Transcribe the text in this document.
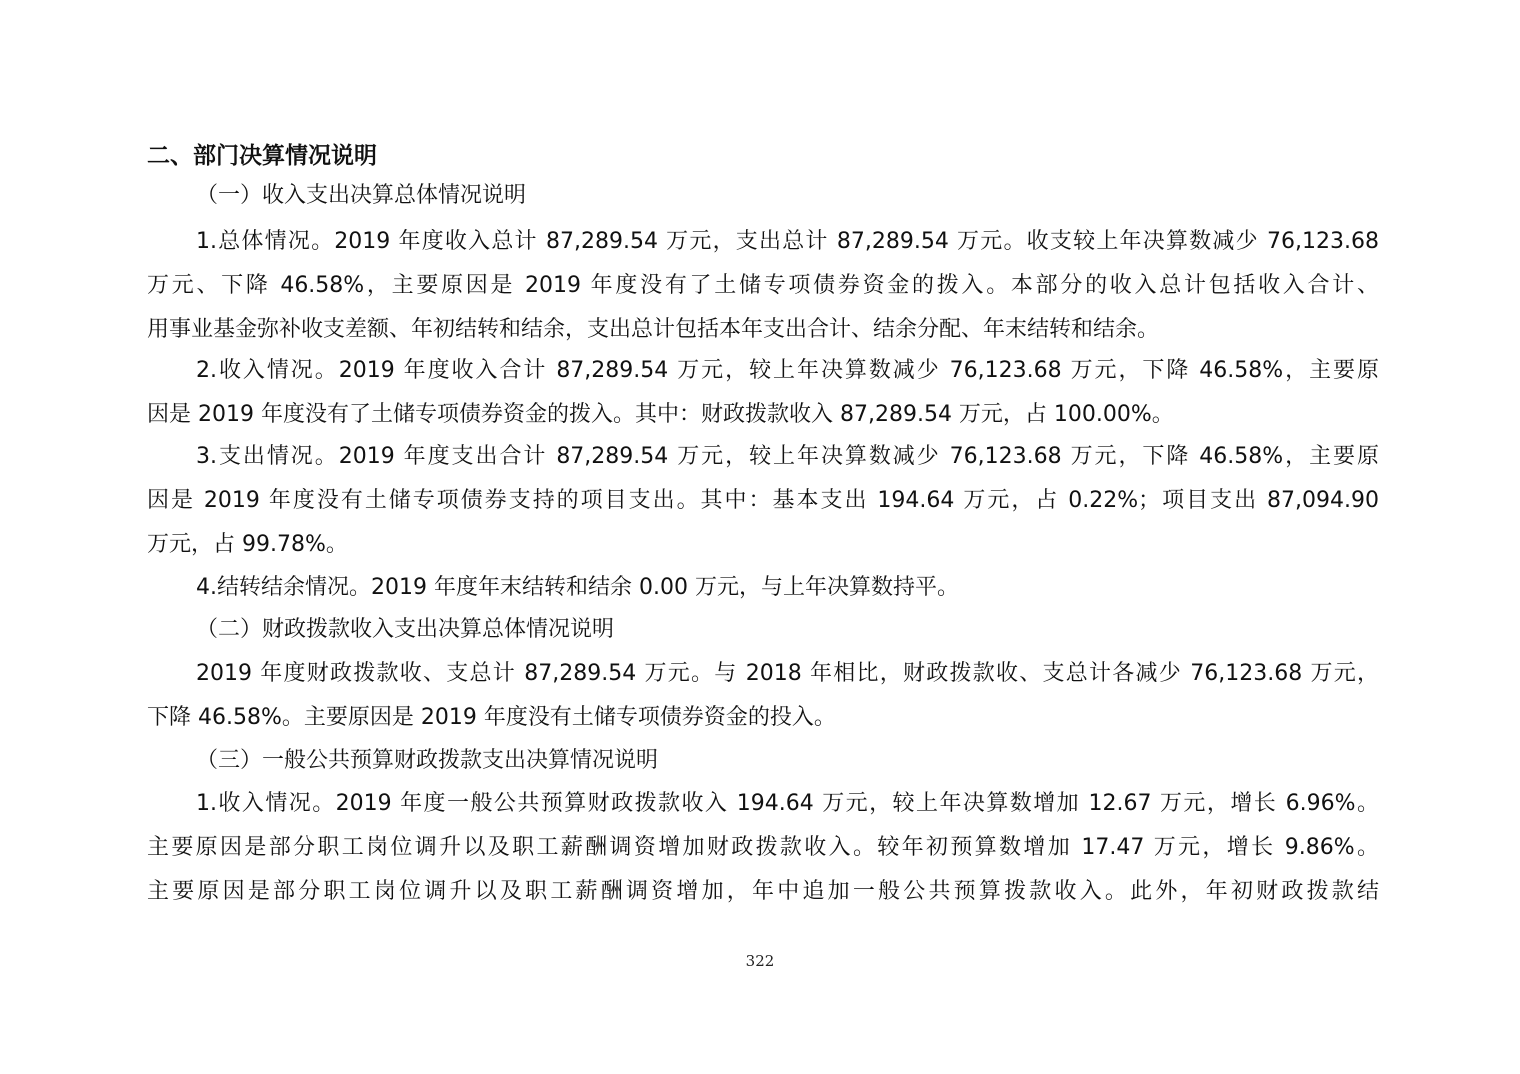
二、部门决算情况说明
（一）收入支出决算总体情况说明
1.总体情况。2019 年度收入总计 87,289.54 万元，支出总计 87,289.54 万元。收支较上年决算数减少 76,123.68
万元、下降 46.58%，主要原因是 2019 年度没有了土储专项债券资金的拨入。本部分的收入总计包括收入合计、
用事业基金弥补收支差额、年初结转和结余，支出总计包括本年支出合计、结余分配、年末结转和结余。
2.收入情况。2019 年度收入合计 87,289.54 万元，较上年决算数减少 76,123.68 万元，下降 46.58%，主要原
因是 2019 年度没有了土储专项债券资金的拨入。其中：财政拨款收入 87,289.54 万元，占 100.00%。
3.支出情况。2019 年度支出合计 87,289.54 万元，较上年决算数减少 76,123.68 万元，下降 46.58%，主要原
因是 2019 年度没有土储专项债券支持的项目支出。其中：基本支出 194.64 万元，占 0.22%；项目支出 87,094.90
万元，占 99.78%。
4.结转结余情况。2019 年度年末结转和结余 0.00 万元，与上年决算数持平。
（二）财政拨款收入支出决算总体情况说明
2019 年度财政拨款收、支总计 87,289.54 万元。与 2018 年相比，财政拨款收、支总计各减少 76,123.68 万元，
下降 46.58%。主要原因是 2019 年度没有土储专项债券资金的投入。
（三）一般公共预算财政拨款支出决算情况说明
1.收入情况。2019 年度一般公共预算财政拨款收入 194.64 万元，较上年决算数增加 12.67 万元，增长 6.96%。
主要原因是部分职工岗位调升以及职工薪酬调资增加财政拨款收入。较年初预算数增加 17.47 万元，增长 9.86%。
主要原因是部分职工岗位调升以及职工薪酬调资增加，年中追加一般公共预算拨款收入。此外，年初财政拨款结
322
